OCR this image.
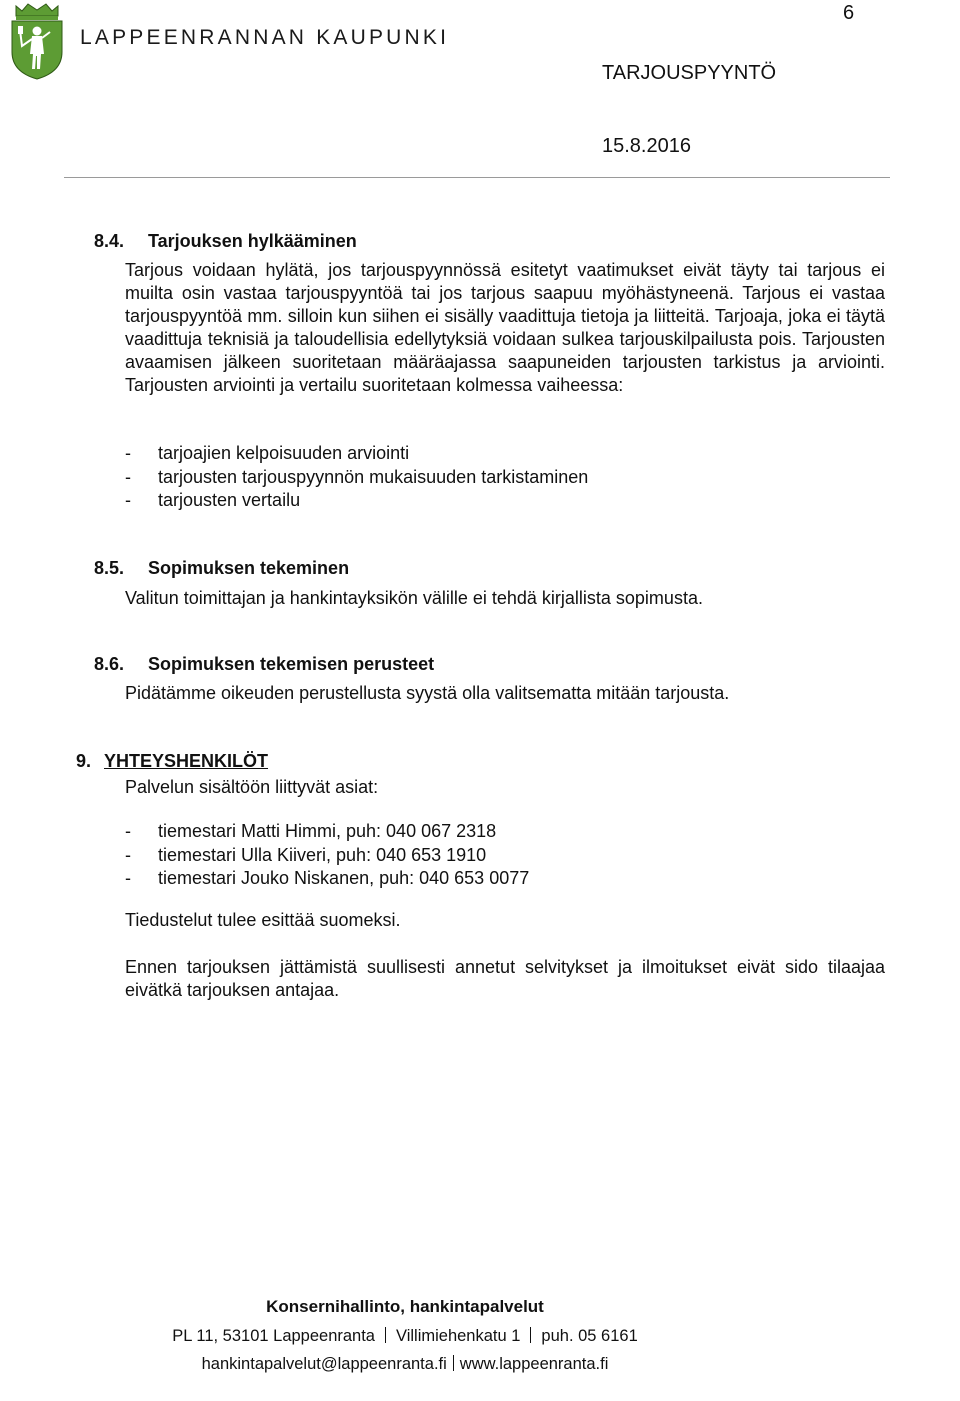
LAPPEENRANNAN KAUPUNKI
6
TARJOUSPYYNTÖ
15.8.2016
8.4. Tarjouksen hylkääminen
Tarjous voidaan hylätä, jos tarjouspyynnössä esitetyt vaatimukset eivät täyty tai tarjous ei muilta osin vastaa tarjouspyyntöä tai jos tarjous saapuu myöhästyneenä. Tarjous ei vastaa tarjouspyyntöä mm. silloin kun siihen ei sisälly vaadittuja tietoja ja liitteitä. Tarjoaja, joka ei täytä vaadittuja teknisiä ja taloudellisia edellytyksiä voidaan sulkea tarjouskilpailusta pois. Tarjousten avaamisen jälkeen suoritetaan määräajassa saapuneiden tarjousten tarkistus ja arviointi. Tarjousten arviointi ja vertailu suoritetaan kolmessa vaiheessa:
- tarjoajien kelpoisuuden arviointi
- tarjousten tarjouspyynnön mukaisuuden tarkistaminen
- tarjousten vertailu
8.5. Sopimuksen tekeminen
Valitun toimittajan ja hankintayksikön välille ei tehdä kirjallista sopimusta.
8.6. Sopimuksen tekemisen perusteet
Pidätämme oikeuden perustellusta syystä olla valitsematta mitään tarjousta.
9. YHTEYSHENKILÖT
Palvelun sisältöön liittyvät asiat:
- tiemestari Matti Himmi, puh: 040 067 2318
- tiemestari Ulla Kiiveri, puh: 040 653 1910
- tiemestari Jouko Niskanen, puh: 040 653 0077
Tiedustelut tulee esittää suomeksi.
Ennen tarjouksen jättämistä suullisesti annetut selvitykset ja ilmoitukset eivät sido tilaajaa eivätkä tarjouksen antajaa.
Konsernihallinto, hankintapalvelut
PL 11, 53101 Lappeenranta Villimiehenkatu 1 puh. 05 6161
hankintapalvelut@lappeenranta.fi www.lappeenranta.fi
